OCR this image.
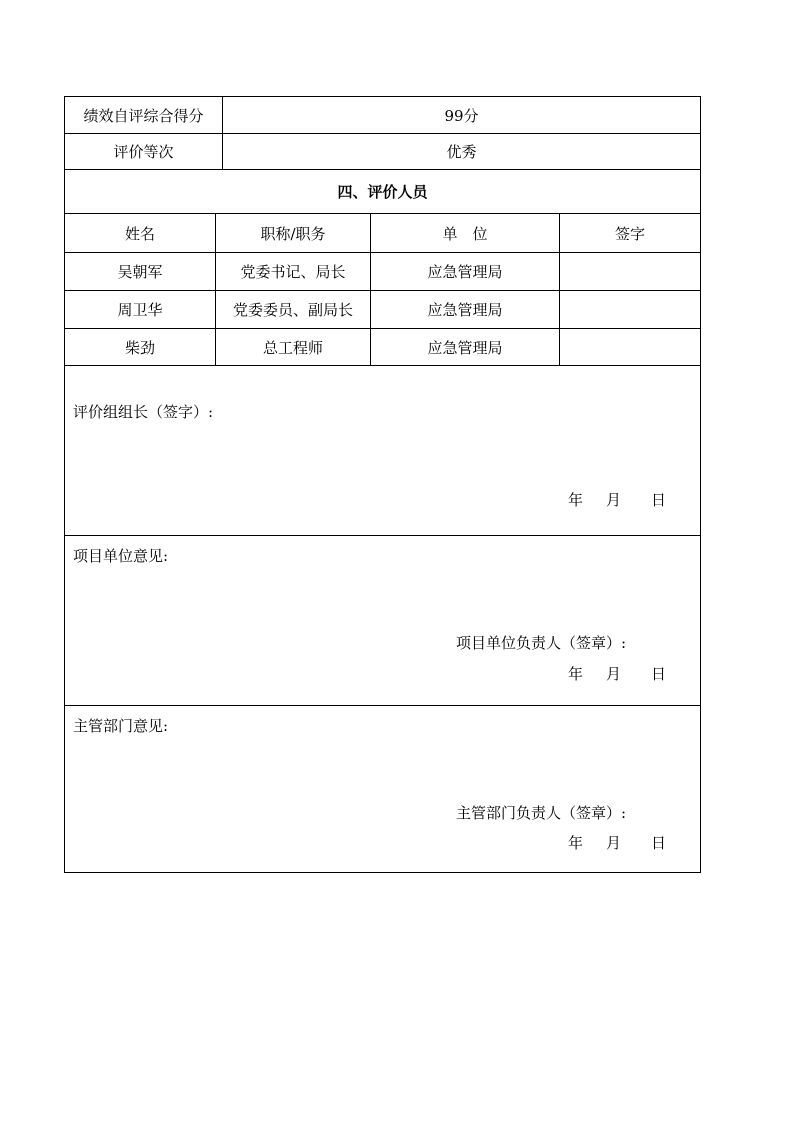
绩效自评综合得分	99分
评价等次	优秀
四、评价人员
姓名	职称/职务	单　位	签字
吴朝军	党委书记、局长	应急管理局
周卫华	党委委员、副局长	应急管理局
柴劲	总工程师	应急管理局
评价组组长（签字）:
年 月 日
项目单位意见:
项目单位负责人（签章）:
年 月 日
主管部门意见:
主管部门负责人（签章）:
年 月 日
